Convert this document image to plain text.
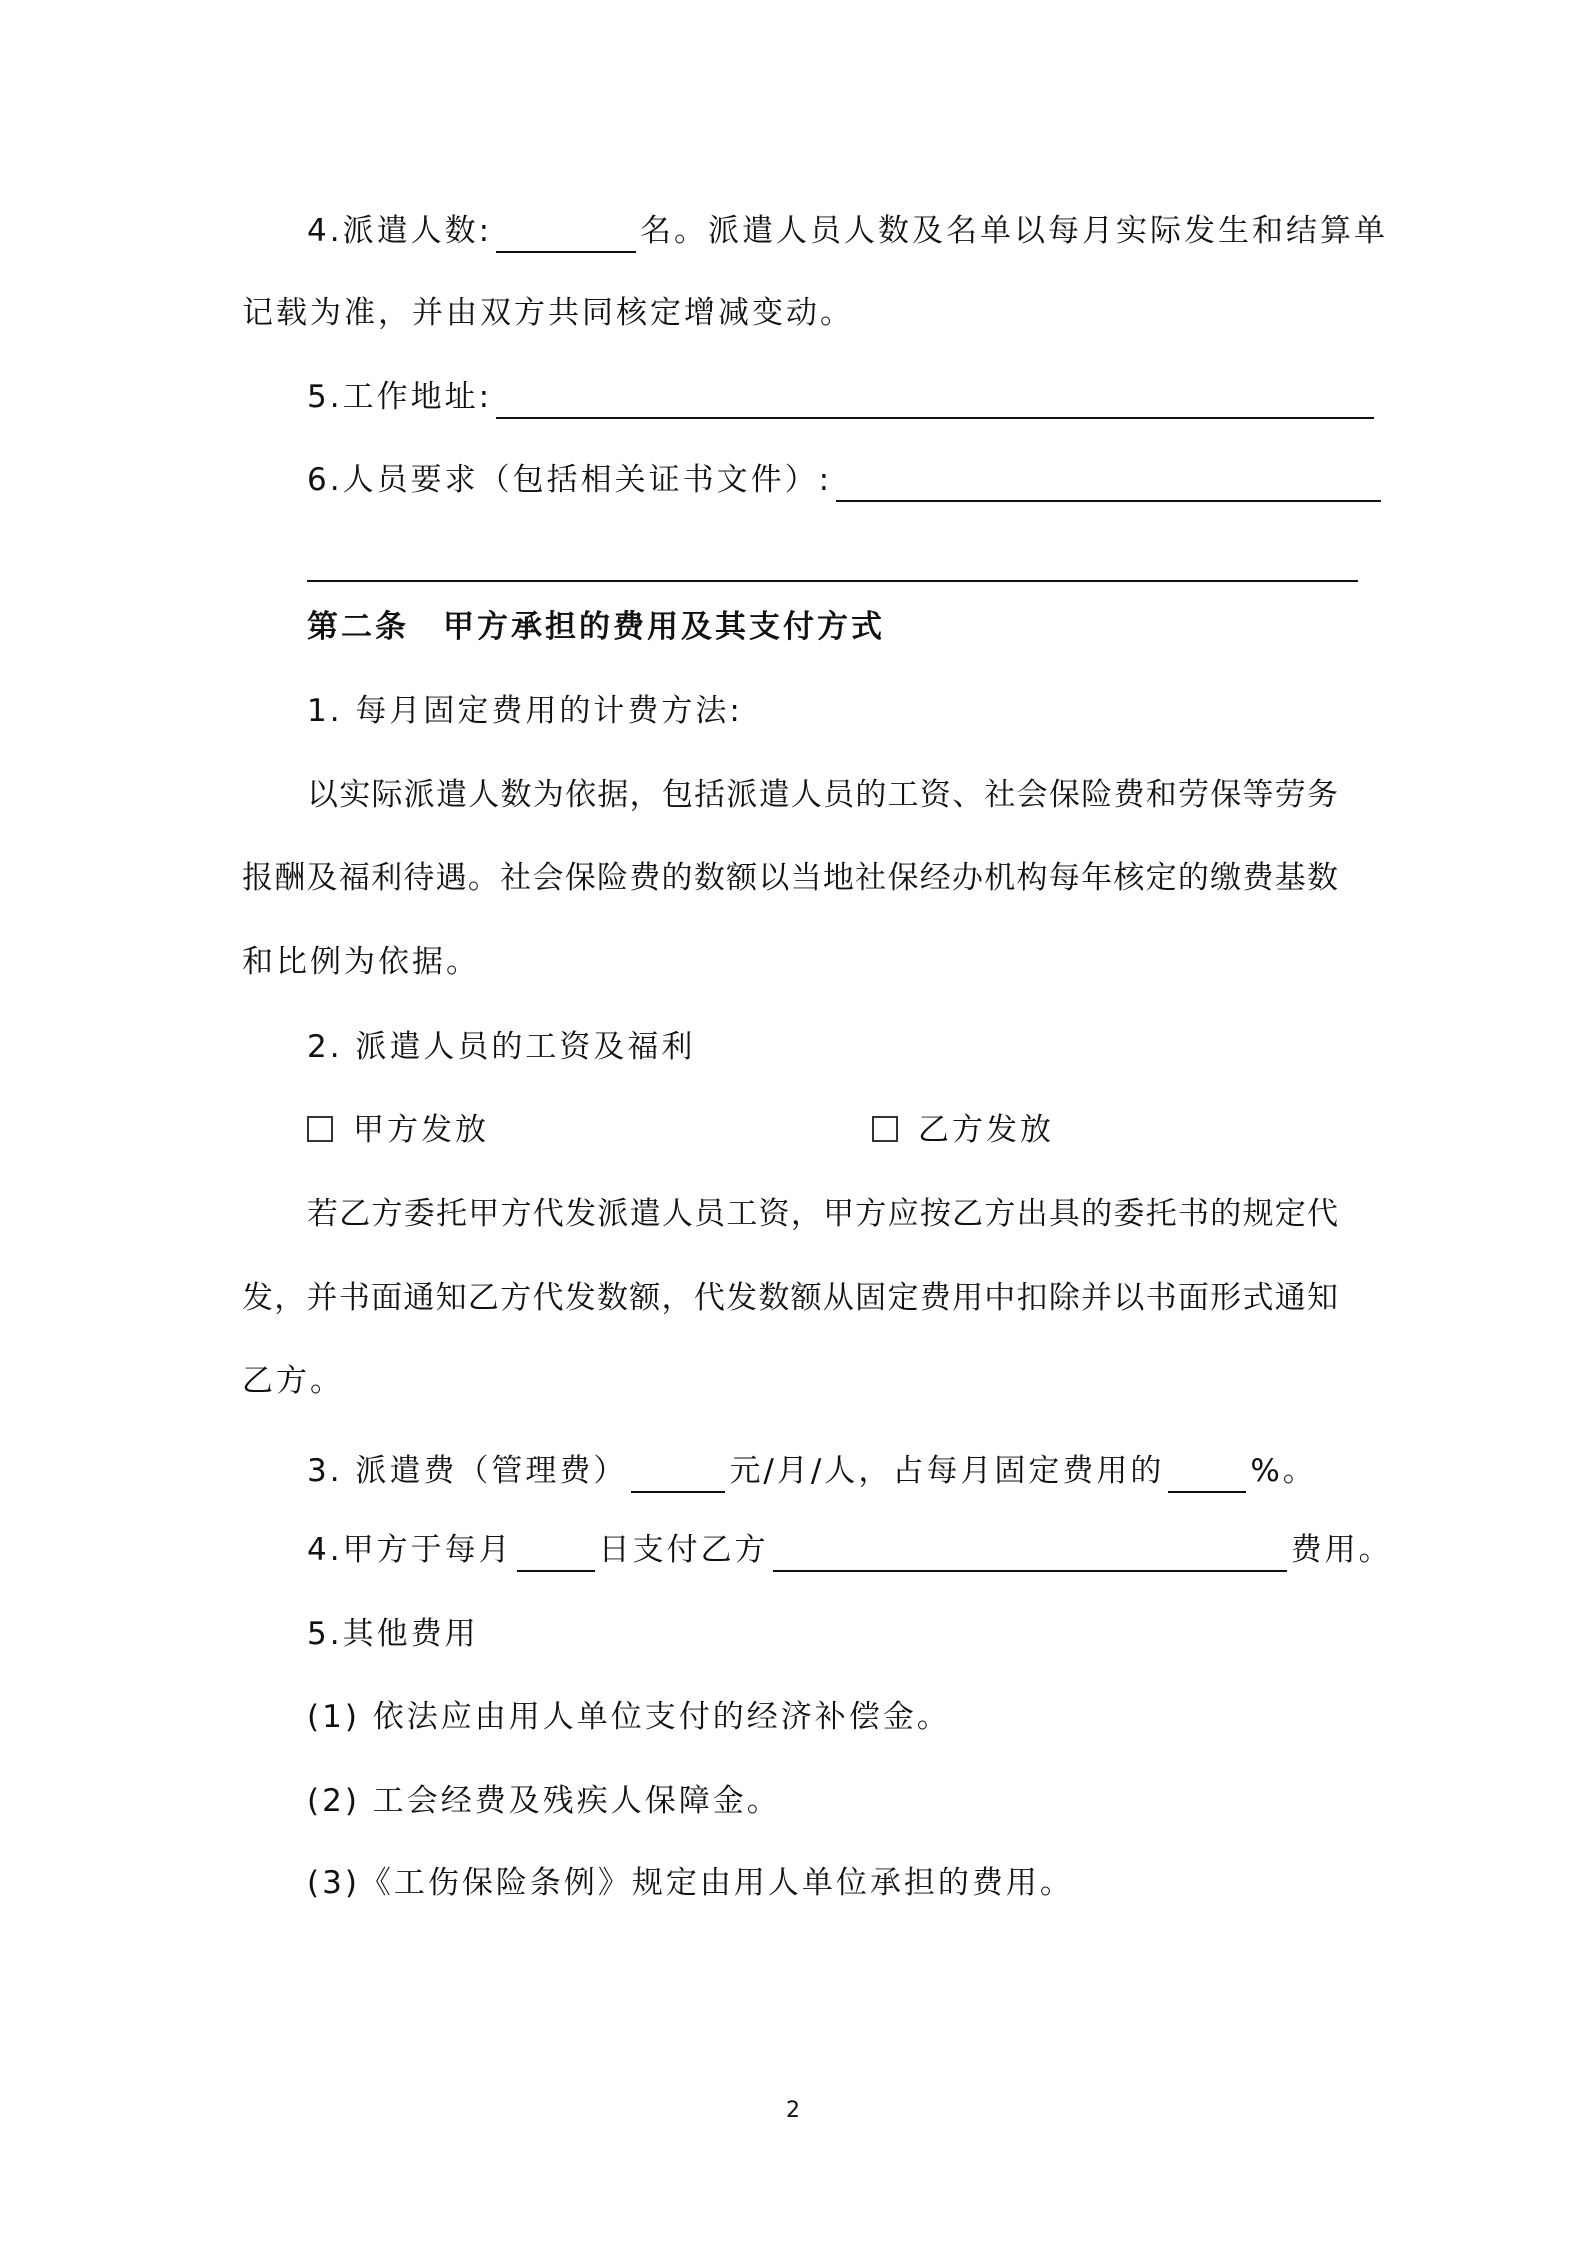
4.派遣人数:	名。派遣人员人数及名单以每月实际发生和结算单
记载为准，并由双方共同核定增减变动。
5.工作地址:
6.人员要求（包括相关证书文件）:
第二条　甲方承担的费用及其支付方式
1. 每月固定费用的计费方法:
以实际派遣人数为依据，包括派遣人员的工资、社会保险费和劳保等劳务
报酬及福利待遇。社会保险费的数额以当地社保经办机构每年核定的缴费基数
和比例为依据。
2. 派遣人员的工资及福利
甲方发放	乙方发放
若乙方委托甲方代发派遣人员工资，甲方应按乙方出具的委托书的规定代
发，并书面通知乙方代发数额，代发数额从固定费用中扣除并以书面形式通知
乙方。
3. 派遣费（管理费）	元/月/人，占每月固定费用的	%。
4.甲方于每月	日支付乙方	费用。
5.其他费用
(1) 依法应由用人单位支付的经济补偿金。
(2) 工会经费及残疾人保障金。
(3)《工伤保险条例》规定由用人单位承担的费用。
2
